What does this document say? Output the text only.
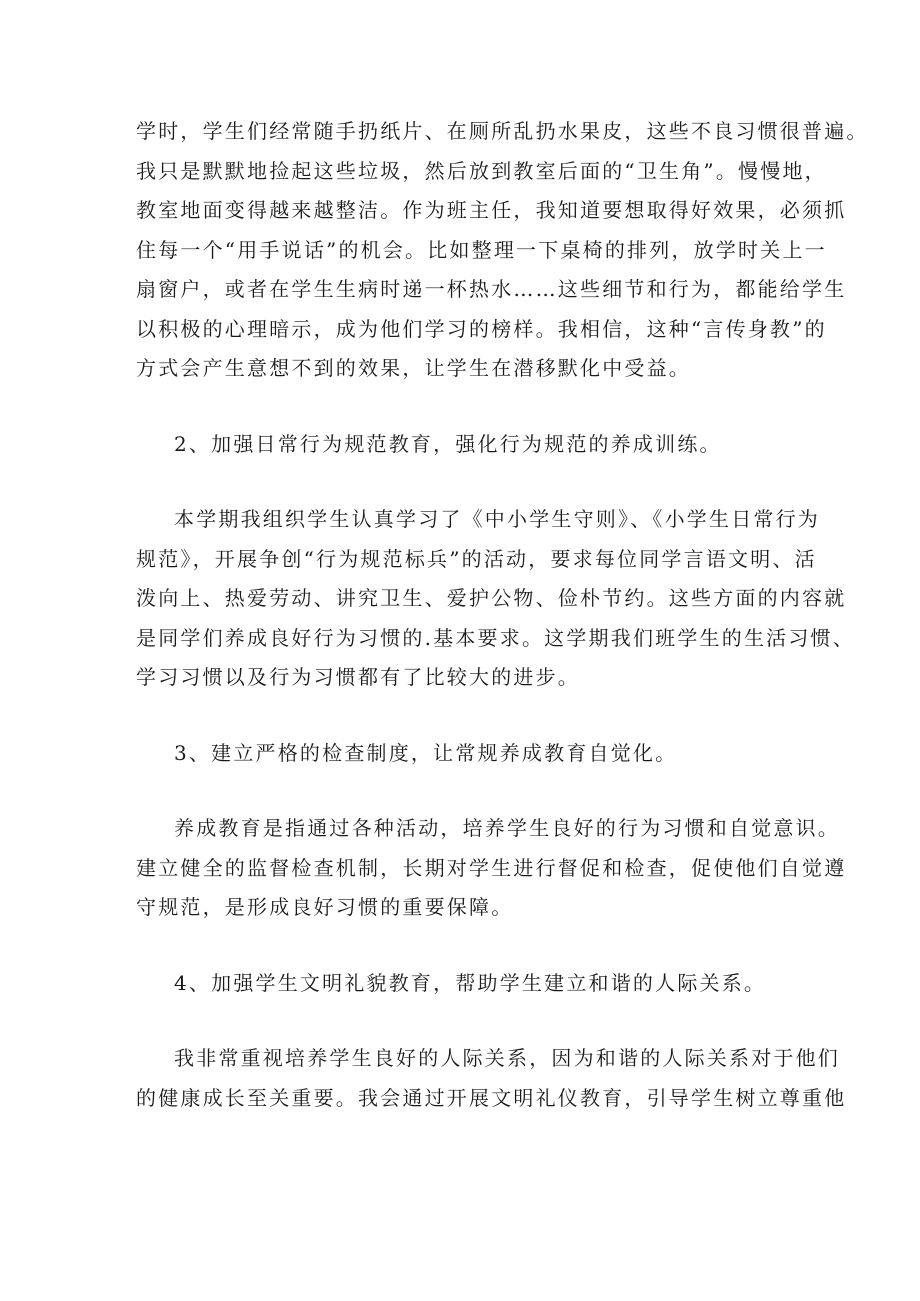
学时，学生们经常随手扔纸片、在厕所乱扔水果皮，这些不良习惯很普遍。
我只是默默地捡起这些垃圾，然后放到教室后面的“卫生角”。慢慢地，
教室地面变得越来越整洁。作为班主任，我知道要想取得好效果，必须抓
住每一个“用手说话”的机会。比如整理一下桌椅的排列，放学时关上一
扇窗户，或者在学生生病时递一杯热水……这些细节和行为，都能给学生
以积极的心理暗示，成为他们学习的榜样。我相信，这种“言传身教”的
方式会产生意想不到的效果，让学生在潜移默化中受益。
2、加强日常行为规范教育，强化行为规范的养成训练。
本学期我组织学生认真学习了《中小学生守则》、《小学生日常行为
规范》，开展争创“行为规范标兵”的活动，要求每位同学言语文明、活
泼向上、热爱劳动、讲究卫生、爱护公物、俭朴节约。这些方面的内容就
是同学们养成良好行为习惯的.基本要求。这学期我们班学生的生活习惯、
学习习惯以及行为习惯都有了比较大的进步。
3、建立严格的检查制度，让常规养成教育自觉化。
养成教育是指通过各种活动，培养学生良好的行为习惯和自觉意识。
建立健全的监督检查机制，长期对学生进行督促和检查，促使他们自觉遵
守规范，是形成良好习惯的重要保障。
4、加强学生文明礼貌教育，帮助学生建立和谐的人际关系。
我非常重视培养学生良好的人际关系，因为和谐的人际关系对于他们
的健康成长至关重要。我会通过开展文明礼仪教育，引导学生树立尊重他
